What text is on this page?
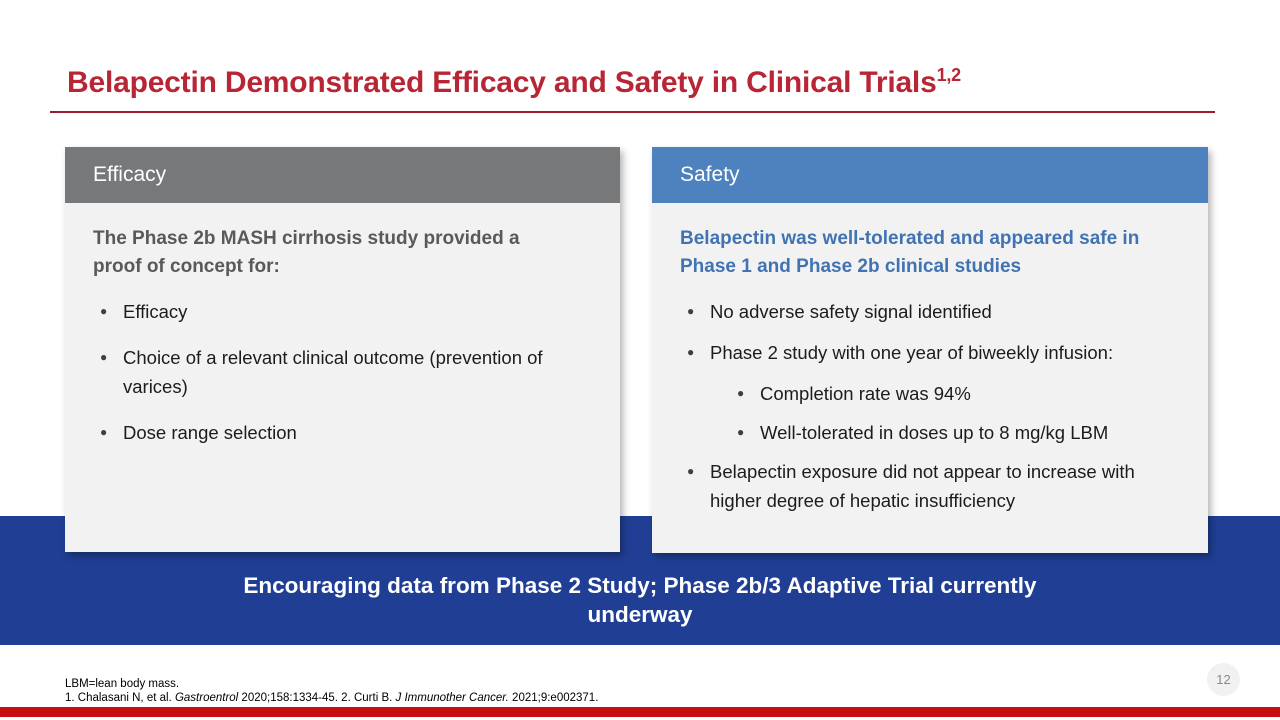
Belapectin Demonstrated Efficacy and Safety in Clinical Trials$^{1,2}$
Efficacy

The Phase 2b MASH cirrhosis study provided a proof of concept for:

● Efficacy
● Choice of a relevant clinical outcome (prevention of varices)
● Dose range selection
Safety

Belapectin was well-tolerated and appeared safe in Phase 1 and Phase 2b clinical studies

● No adverse safety signal identified
● Phase 2 study with one year of biweekly infusion:
● Completion rate was 94%
● Well-tolerated in doses up to 8 mg/kg LBM
● Belapectin exposure did not appear to increase with higher degree of hepatic insufficiency
Encouraging data from Phase 2 Study; Phase 2b/3 Adaptive Trial currently underway
LBM=lean body mass.
1. Chalasani N, et al. Gastroentrol 2020;158:1334-45. 2. Curti B. J Immunother Cancer. 2021;9:e002371.
12
